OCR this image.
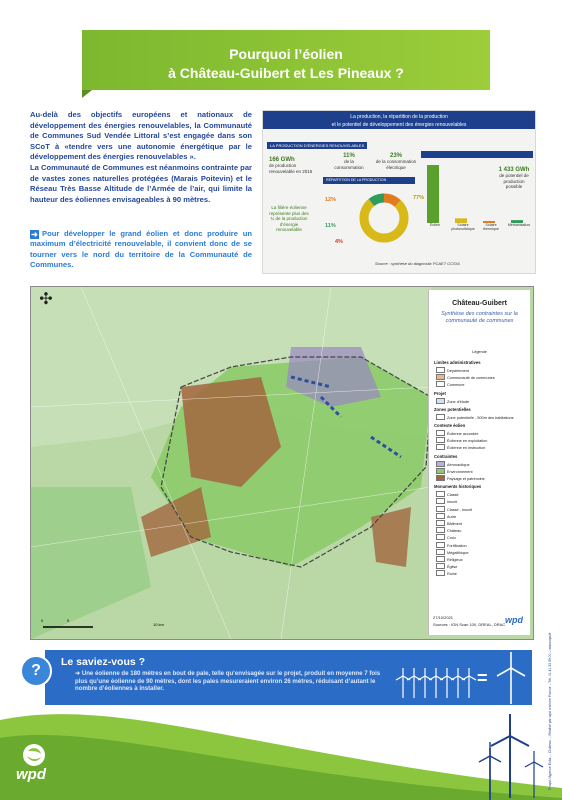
Pourquoi l’éolien
à Château-Guibert et Les Pineaux ?

Au-delà des objectifs européens et nationaux de développement des énergies renouvelables, la Communauté de Communes Sud Vendée Littoral s’est engagée dans son SCoT à «tendre vers une autonomie énergétique par le développement des énergies renouvelables ».

La Communauté de Communes est néanmoins contrainte par de vastes zones naturelles protégées (Marais Poitevin) et le Réseau Très Basse Altitude de l’Armée de l’air, qui limite la hauteur des éoliennes envisageables à 90 mètres.

➜ Pour développer le grand éolien et donc produire un maximum d’électricité renouvelable, il convient donc de se tourner vers le nord du territoire de la Communauté de Communes.
La production, la répartition de la production
et le potentiel de développement des énergies renouvelables
LA PRODUCTION D’ÉNERGIES RENOUVELABLES
166 GWh
de production renouvelable en 2015
11%
de la consommation
23%
de la consommation électrique
RÉPARTITION DE LA PRODUCTION
La filière éolienne représente plus des ¾ de la production d’énergie renouvelable
12%	77%
11%
4%
1 433 GWh
de potentiel de production possible
Éolien	Solaire photovoltaïque
Solaire thermique
Méthanisation
Source : synthèse du diagnostic PCAET CCSVL
✣
0	5
10 km
Château-Guibert
Synthèse des contraintes sur la communauté de communes
Légende
Limites administratives
Département
Communauté de communes
Commune
Projet
Zone d’étude
Zones potentielles
Zone potentielle - 500m des habitations
Contexte éolien
Éolienne accordée
Éolienne en exploitation
Éolienne en instruction
Contraintes
Aéronautique
Environnement
Paysage et patrimoine
Monuments historiques
Classé
Inscrit
Classé - Inscrit
Autre
Bâtiment
Château
Croix
Fortification
Mégalithique
Religieux
Église
Ruine
27/10/2021
Sources : IGN Scan 100, DREAL, DRAC wpd
Le saviez-vous ?
➜ Une éolienne de 180 mètres en bout de pale, telle qu’envisagée sur le projet, produit en moyenne 7 fois plus qu’une éolienne de 90 mètres, dont les pales mesureraient environ 26 mètres, réduisant d’autant le nombre d’éoliennes à installer.
=
?
wpd	© wpd / Agence Eolia ... Château ... Réalisé par wpd onshore France – Tél. 01 41 33 59 00 – www.wpd.fr
